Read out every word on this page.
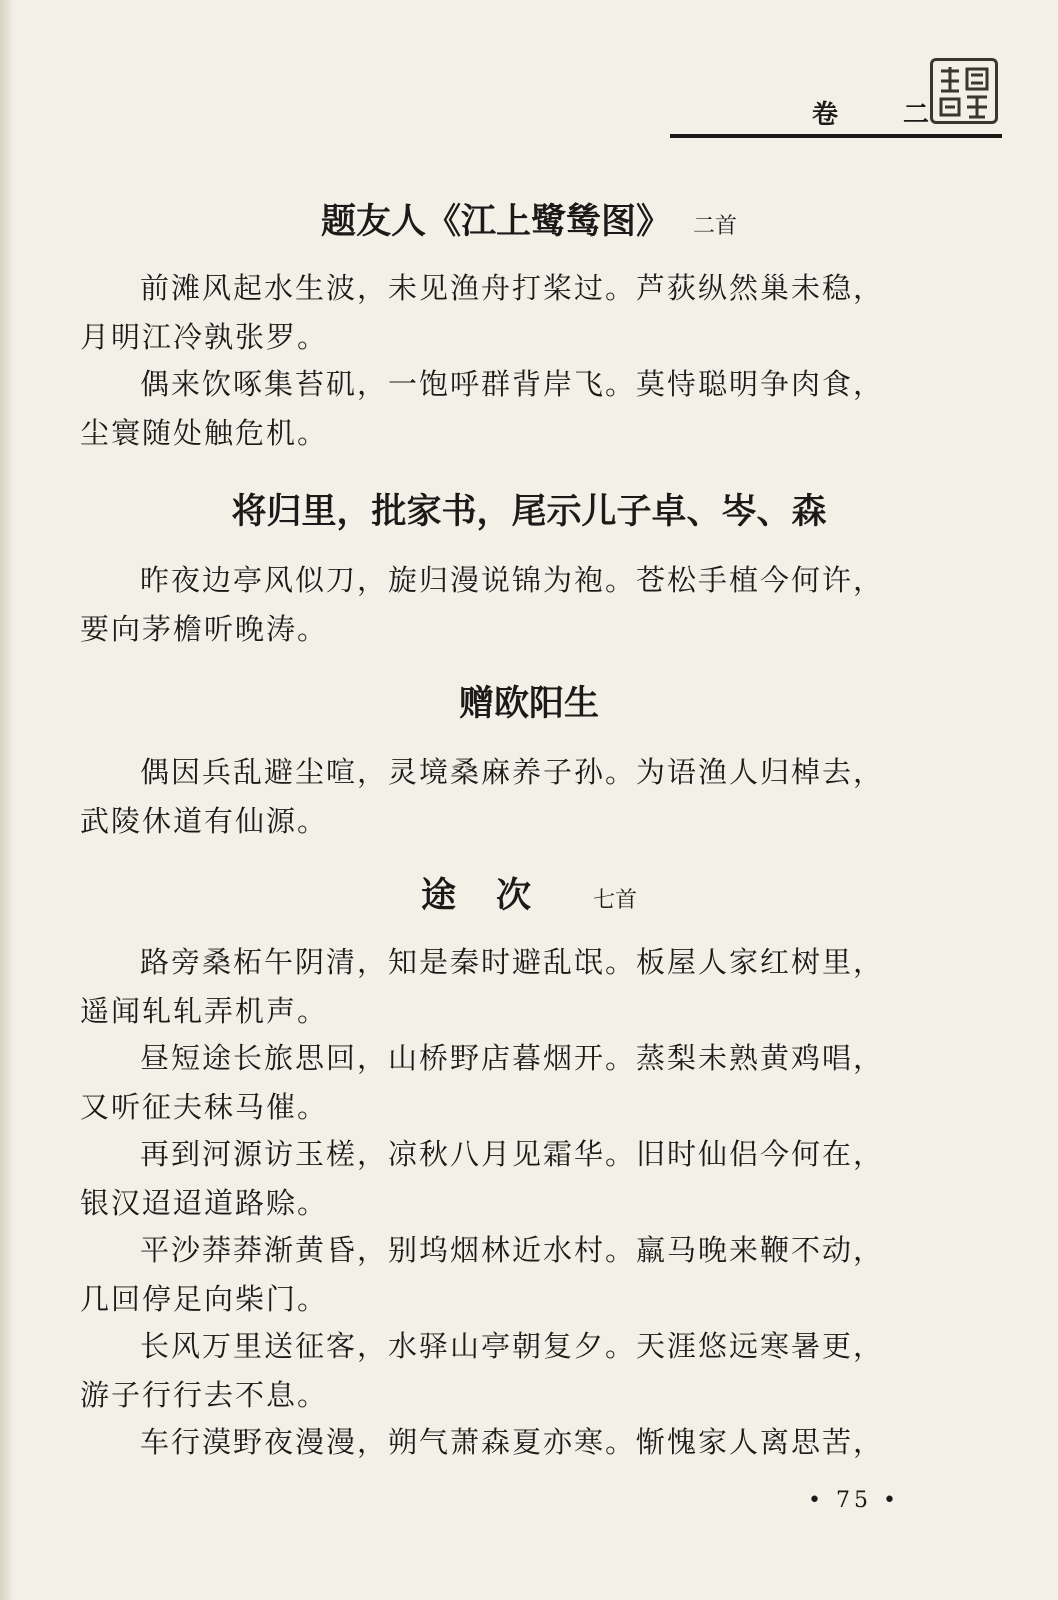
卷 二
题友人《江上鹭鸶图》 二首
前滩风起水生波，未见渔舟打桨过。芦荻纵然巢未稳，月明江冷孰张罗。
偶来饮啄集苔矶，一饱呼群背岸飞。莫恃聪明争肉食，尘寰随处触危机。
将归里，批家书，尾示儿子卓、岑、森
昨夜边亭风似刀，旋归漫说锦为袍。苍松手植今何许，要向茅檐听晚涛。
赠欧阳生
偶因兵乱避尘喧，灵境桑麻养子孙。为语渔人归棹去，武陵休道有仙源。
途次 七首
路旁桑柘午阴清，知是秦时避乱氓。板屋人家红树里，遥闻轧轧弄机声。
昼短途长旅思回，山桥野店暮烟开。蒸梨未熟黄鸡唱，又听征夫秣马催。
再到河源访玉槎，凉秋八月见霜华。旧时仙侣今何在，银汉迢迢道路赊。
平沙莽莽渐黄昏，别坞烟林近水村。羸马晚来鞭不动，几回停足向柴门。
长风万里送征客，水驿山亭朝复夕。天涯悠远寒暑更，游子行行去不息。
车行漠野夜漫漫，朔气萧森夏亦寒。惭愧家人离思苦，
• 75 •
